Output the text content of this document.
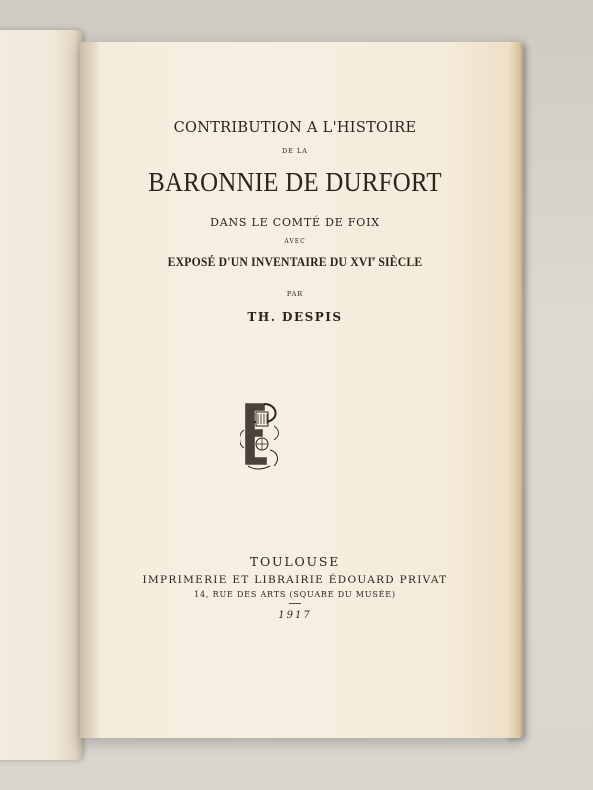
CONTRIBUTION A L'HISTOIRE
DE LA
BARONNIE DE DURFORT
DANS LE COMTÉ DE FOIX
AVEC
EXPOSÉ D'UN INVENTAIRE DU XVIe SIÈCLE
PAR
TH. DESPIS
TOULOUSE
IMPRIMERIE ET LIBRAIRIE ÉDOUARD PRIVAT
14, RUE DES ARTS (SQUARE DU MUSÉE)
1917
